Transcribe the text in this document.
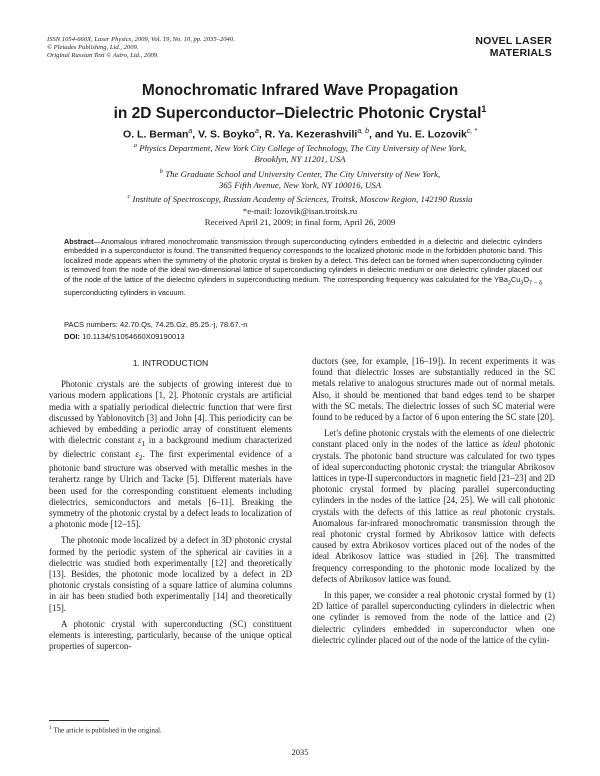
ISSN 1054-660X, Laser Physics, 2009, Vol. 19, No. 10, pp. 2035–2040.
© Pleiades Publishing, Ltd., 2009.
Original Russian Text © Astro, Ltd., 2009.
NOVEL LASER
MATERIALS
Monochromatic Infrared Wave Propagation
in 2D Superconductor–Dielectric Photonic Crystal$^1$
O. L. Berman$^a$, V. S. Boyko$^a$, R. Ya. Kezerashvili$^{a, b}$, and Yu. E. Lozovik$^{c, *}$
$^a$ Physics Department, New York City College of Technology, The City University of New York,
Brooklyn, NY 11201, USA
$^b$ The Graduate School and University Center, The City University of New York,
365 Fifth Avenue, New York, NY 100016, USA
$^c$ Institute of Spectroscopy, Russian Academy of Sciences, Troitsk, Moscow Region, 142190 Russia
*e-mail: lozovik@isan.troitsk.ru
Received April 21, 2009; in final form, April 26, 2009
Abstract—Anomalous infrared monochromatic transmission through superconducting cylinders embedded in a dielectric and dielectric cylinders embedded in a superconductor is found. The transmitted frequency corresponds to the localized photonic mode in the forbidden photonic band. This localized mode appears when the symmetry of the photonic crystal is broken by a defect. This defect can be formed when superconducting cylinder is removed from the node of the ideal two-dimensional lattice of superconducting cylinders in dielectric medium or one dielectric cylinder placed out of the node of the lattice of the dielectric cylinders in superconducting medium. The corresponding frequency was calculated for the $YBa_2Cu_3O_{7 - \delta}$ superconducting cylinders in vacuum.
PACS numbers: 42.70.Qs, 74.25.Gz, 85.25.-j, 78.67.-n
DOI: 10.1134/S1054660X09190013

1. INTRODUCTION

Photonic crystals are the subjects of growing interest due to various modern applications [1, 2]. Photonic crystals are artificial media with a spatially periodical dielectric function that were first discussed by Yablonovitch [3] and John [4]. This periodicity can be achieved by embedding a periodic array of constituent elements with dielectric constant $\varepsilon_1$ in a background medium characterized by dielectric constant $\varepsilon_2$. The first experimental evidence of a photonic band structure was observed with metallic meshes in the terahertz range by Ulrich and Tacke [5]. Different materials have been used for the corresponding constituent elements including dielectrics, semiconductors and metals [6–11]. Breaking the symmetry of the photonic crystal by a defect leads to localization of a photonic mode [12–15].

The photonic mode localized by a defect in 3D photonic crystal formed by the periodic system of the spherical air cavities in a dielectric was studied both experimentally [12] and theoretically [13]. Besides, the photonic mode localized by a defect in 2D photonic crystals consisting of a square lattice of alumina columns in air has been studied both experimentally [14] and theoretically [15].

A photonic crystal with superconducting (SC) constituent elements is interesting, particularly, because of the unique optical properties of supercon-

ductors (see, for example, [16–19]). In recent experiments it was found that dielectric losses are substantially reduced in the SC metals relative to analogous structures made out of normal metals. Also, it should be mentioned that band edges tend to be sharper with the SC metals. The dielectric losses of such SC material were found to be reduced by a factor of 6 upon entering the SC state [20].

Let’s define photonic crystals with the elements of one dielectric constant placed only in the nodes of the lattice as ideal photonic crystals. The photonic band structure was calculated for two types of ideal superconducting photonic crystal: the triangular Abrikosov lattices in type-II superconductors in magnetic field [21–23] and 2D photonic crystal formed by placing parallel superconducting cylinders in the nodes of the lattice [24, 25]. We will call photonic crystals with the defects of this lattice as real photonic crystals. Anomalous far-infrared monochromatic transmission through the real photonic crystal formed by Abrikosov lattice with defects caused by extra Abrikosov vortices placed out of the nodes of the ideal Abrikosov lattice was studied in [26]. The transmitted frequency corresponding to the photonic mode localized by the defects of Abrikosov lattice was found.

In this paper, we consider a real photonic crystal formed by (1) 2D lattice of parallel superconducting cylinders in dielectric when one cylinder is removed from the node of the lattice and (2) dielectric cylinders embedded in superconductor when one dielectric cylinder placed out of the node of the lattice of the cylin-

$^1$ The article is published in the original.
2035
